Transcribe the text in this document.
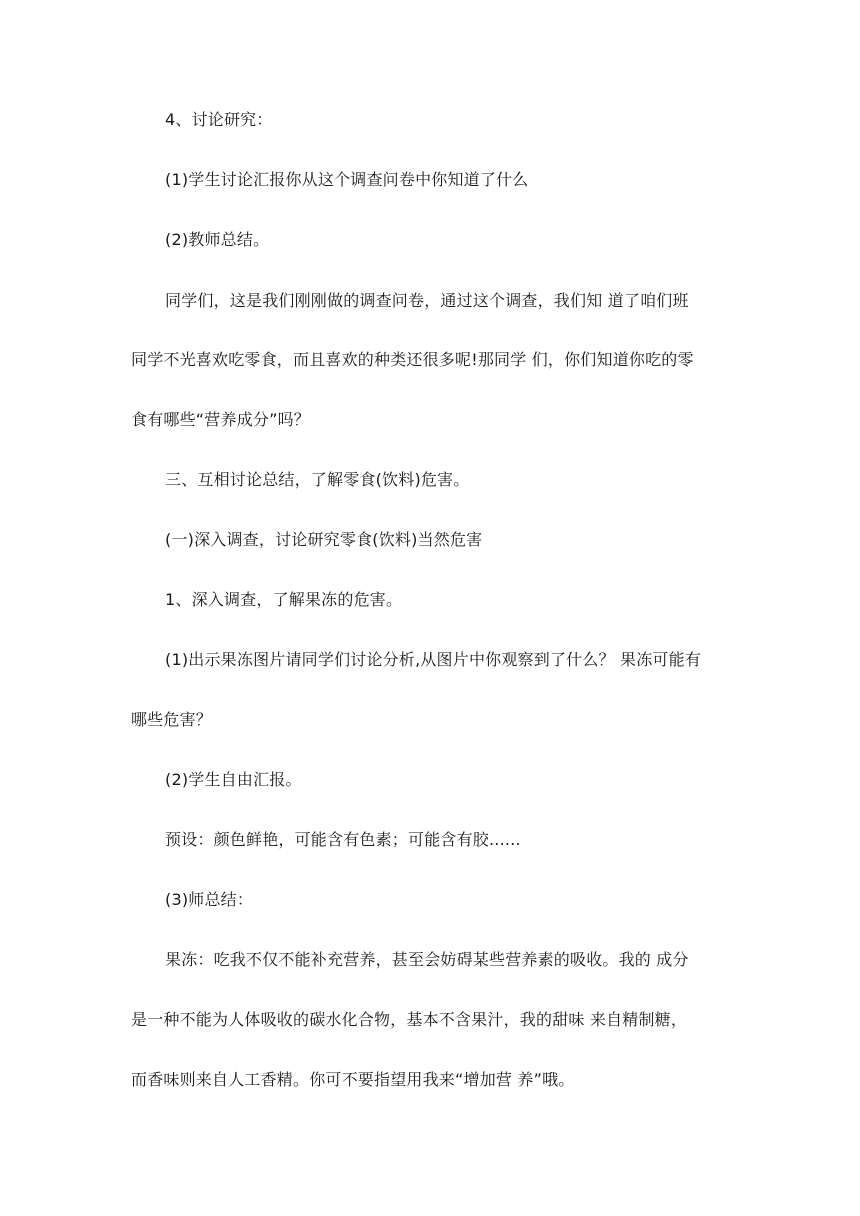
4、讨论研究：
(1)学生讨论汇报你从这个调查问卷中你知道了什么
(2)教师总结。
同学们，这是我们刚刚做的调查问卷，通过这个调查，我们知 道了咱们班
同学不光喜欢吃零食，而且喜欢的种类还很多呢!那同学 们，你们知道你吃的零
食有哪些“营养成分”吗？
三、互相讨论总结，了解零食(饮料)危害。
(一)深入调查，讨论研究零食(饮料)当然危害
1、深入调查，了解果冻的危害。
(1)出示果冻图片请同学们讨论分析,从图片中你观察到了什么？ 果冻可能有
哪些危害？
(2)学生自由汇报。
预设：颜色鲜艳，可能含有色素；可能含有胶......
(3)师总结：
果冻：吃我不仅不能补充营养，甚至会妨碍某些营养素的吸收。我的 成分
是一种不能为人体吸收的碳水化合物，基本不含果汁，我的甜味 来自精制糖，
而香味则来自人工香精。你可不要指望用我来“增加营 养”哦。
